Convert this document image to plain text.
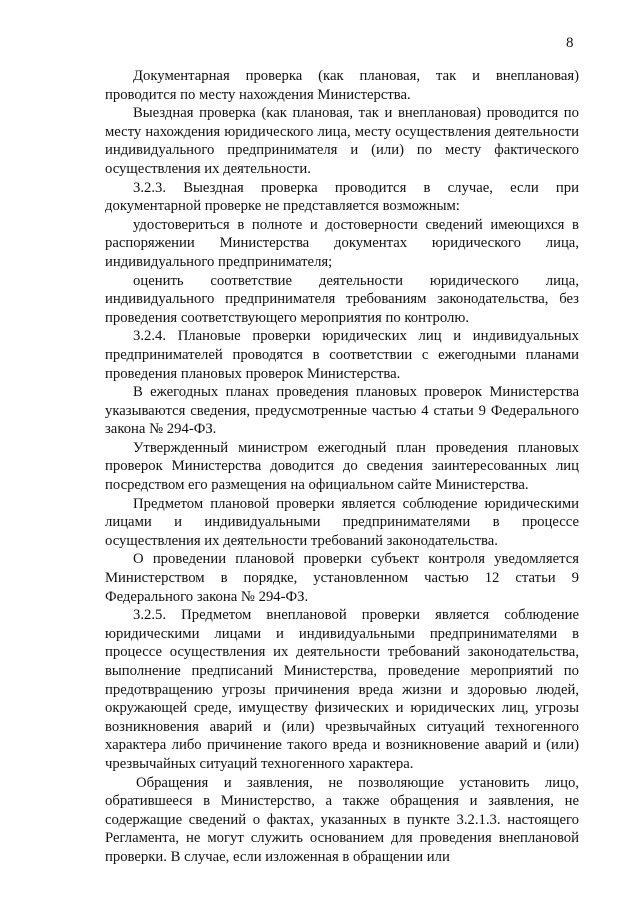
8

Документарная проверка (как плановая, так и внеплановая) проводится по месту нахождения Министерства.

Выездная проверка (как плановая, так и внеплановая) проводится по месту нахождения юридического лица, месту осуществления деятельности индивидуального предпринимателя и (или) по месту фактического осуществления их деятельности.

3.2.3. Выездная проверка проводится в случае, если при документарной проверке не представляется возможным:

удостовериться в полноте и достоверности сведений имеющихся в распоряжении Министерства документах юридического лица, индивидуального предпринимателя;

оценить соответствие деятельности юридического лица, индивидуального предпринимателя требованиям законодательства, без проведения соответствующего мероприятия по контролю.

3.2.4. Плановые проверки юридических лиц и индивидуальных предпринимателей проводятся в соответствии с ежегодными планами проведения плановых проверок Министерства.

В ежегодных планах проведения плановых проверок Министерства указываются сведения, предусмотренные частью 4 статьи 9 Федерального закона № 294-ФЗ.

Утвержденный министром ежегодный план проведения плановых проверок Министерства доводится до сведения заинтересованных лиц посредством его размещения на официальном сайте Министерства.

Предметом плановой проверки является соблюдение юридическими лицами и индивидуальными предпринимателями в процессе осуществления их деятельности требований законодательства.

О проведении плановой проверки субъект контроля уведомляется Министерством в порядке, установленном частью 12 статьи 9 Федерального закона № 294-ФЗ.

3.2.5. Предметом внеплановой проверки является соблюдение юридическими лицами и индивидуальными предпринимателями в процессе осуществления их деятельности требований законодательства, выполнение предписаний Министерства, проведение мероприятий по предотвращению угрозы причинения вреда жизни и здоровью людей, окружающей среде, имуществу физических и юридических лиц, угрозы возникновения аварий и (или) чрезвычайных ситуаций техногенного характера либо причинение такого вреда и возникновение аварий и (или) чрезвычайных ситуаций техногенного характера.

Обращения и заявления, не позволяющие установить лицо, обратившееся в Министерство, а также обращения и заявления, не содержащие сведений о фактах, указанных в пункте 3.2.1.3. настоящего Регламента, не могут служить основанием для проведения внеплановой проверки. В случае, если изложенная в обращении или
